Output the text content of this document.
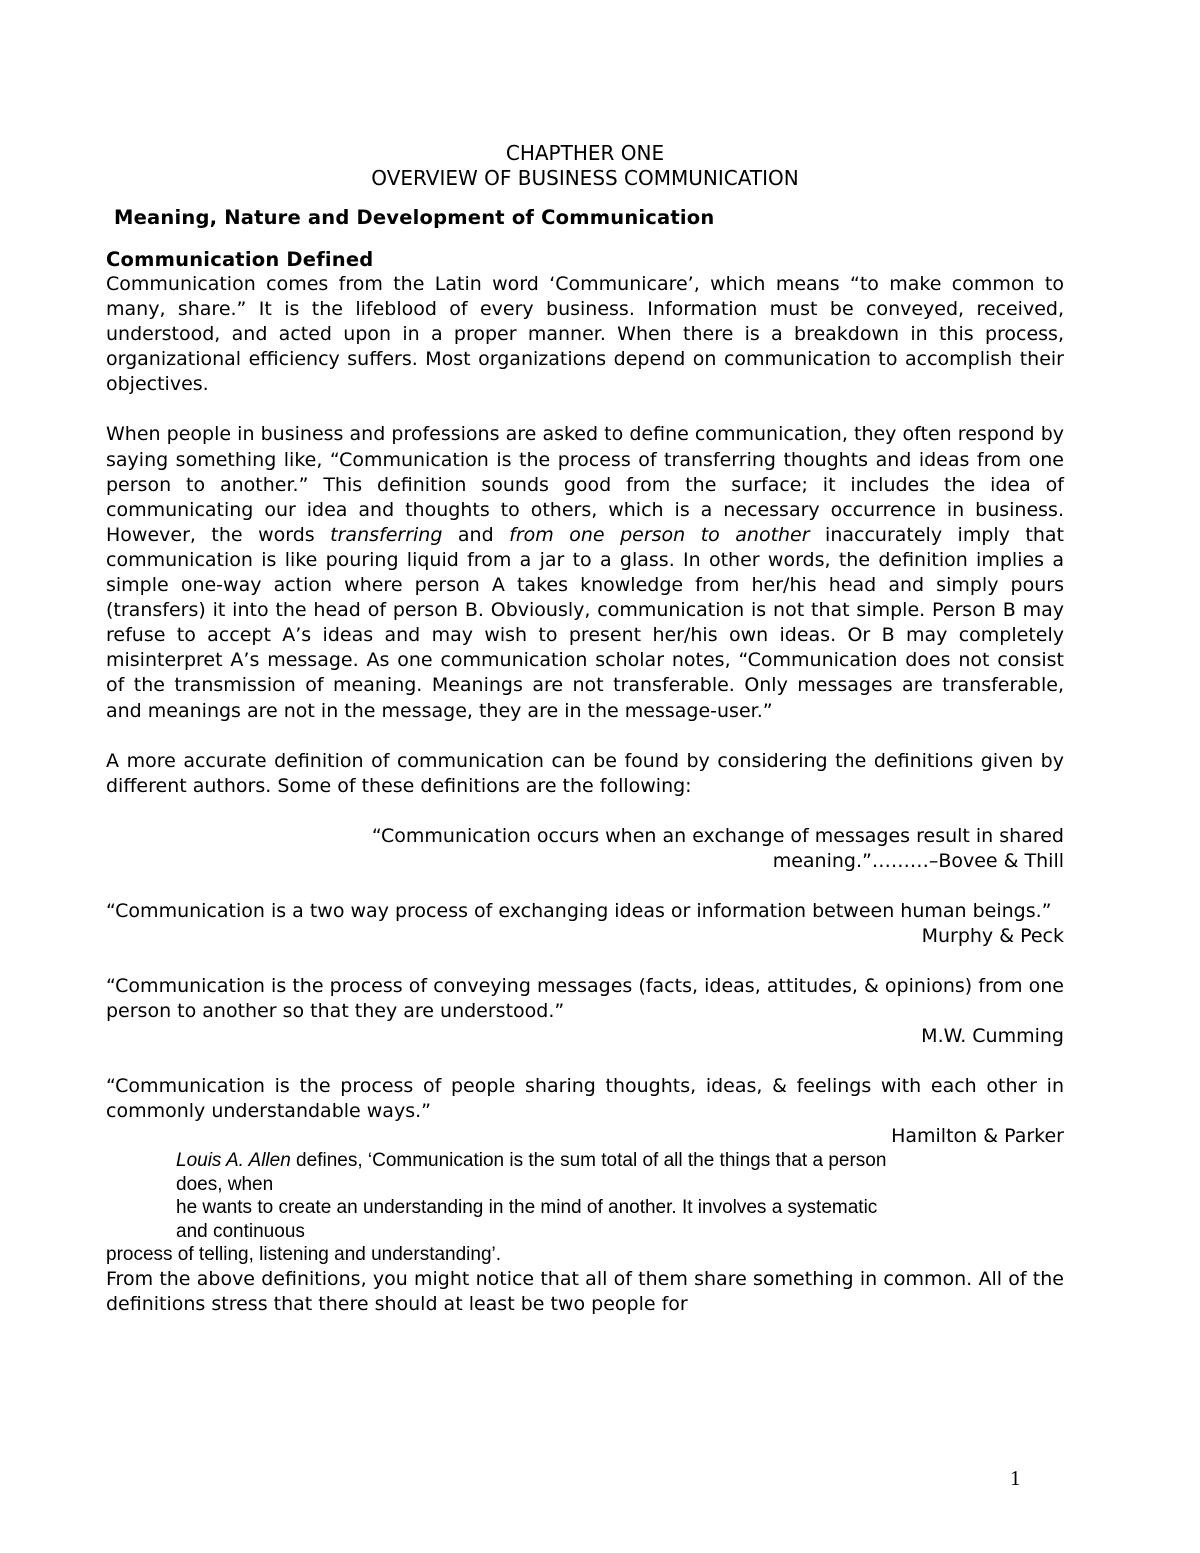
CHAPTHER ONE

OVERVIEW OF BUSINESS COMMUNICATION

Meaning, Nature and Development of Communication

Communication Defined

Communication comes from the Latin word ‘Communicare’, which means “to make common to many, share.” It is the lifeblood of every business. Information must be conveyed, received, understood, and acted upon in a proper manner. When there is a breakdown in this process, organizational efficiency suffers. Most organizations depend on communication to accomplish their objectives.

When people in business and professions are asked to define communication, they often respond by saying something like, “Communication is the process of transferring thoughts and ideas from one person to another.” This definition sounds good from the surface; it includes the idea of communicating our idea and thoughts to others, which is a necessary occurrence in business. However, the words transferring and from one person to another inaccurately imply that communication is like pouring liquid from a jar to a glass. In other words, the definition implies a simple one-way action where person A takes knowledge from her/his head and simply pours (transfers) it into the head of person B. Obviously, communication is not that simple. Person B may refuse to accept A’s ideas and may wish to present her/his own ideas. Or B may completely misinterpret A’s message. As one communication scholar notes, “Communication does not consist of the transmission of meaning. Meanings are not transferable. Only messages are transferable, and meanings are not in the message, they are in the message-user.”

A more accurate definition of communication can be found by considering the definitions given by different authors. Some of these definitions are the following:

“Communication occurs when an exchange of messages result in shared

meaning.”………–Bovee & Thill

“Communication is a two way process of exchanging ideas or information between human beings.”

Murphy & Peck

“Communication is the process of conveying messages (facts, ideas, attitudes, & opinions) from one person to another so that they are understood.”

M.W. Cumming

“Communication is the process of people sharing thoughts, ideas, & feelings with each other in commonly understandable ways.”

Hamilton & Parker

Louis A. Allen defines, ‘Communication is the sum total of all the things that a person

does, when

he wants to create an understanding in the mind of another. It involves a systematic

and continuous

process of telling, listening and understanding’.

From the above definitions, you might notice that all of them share something in common. All of the definitions stress that there should at least be two people for

1
